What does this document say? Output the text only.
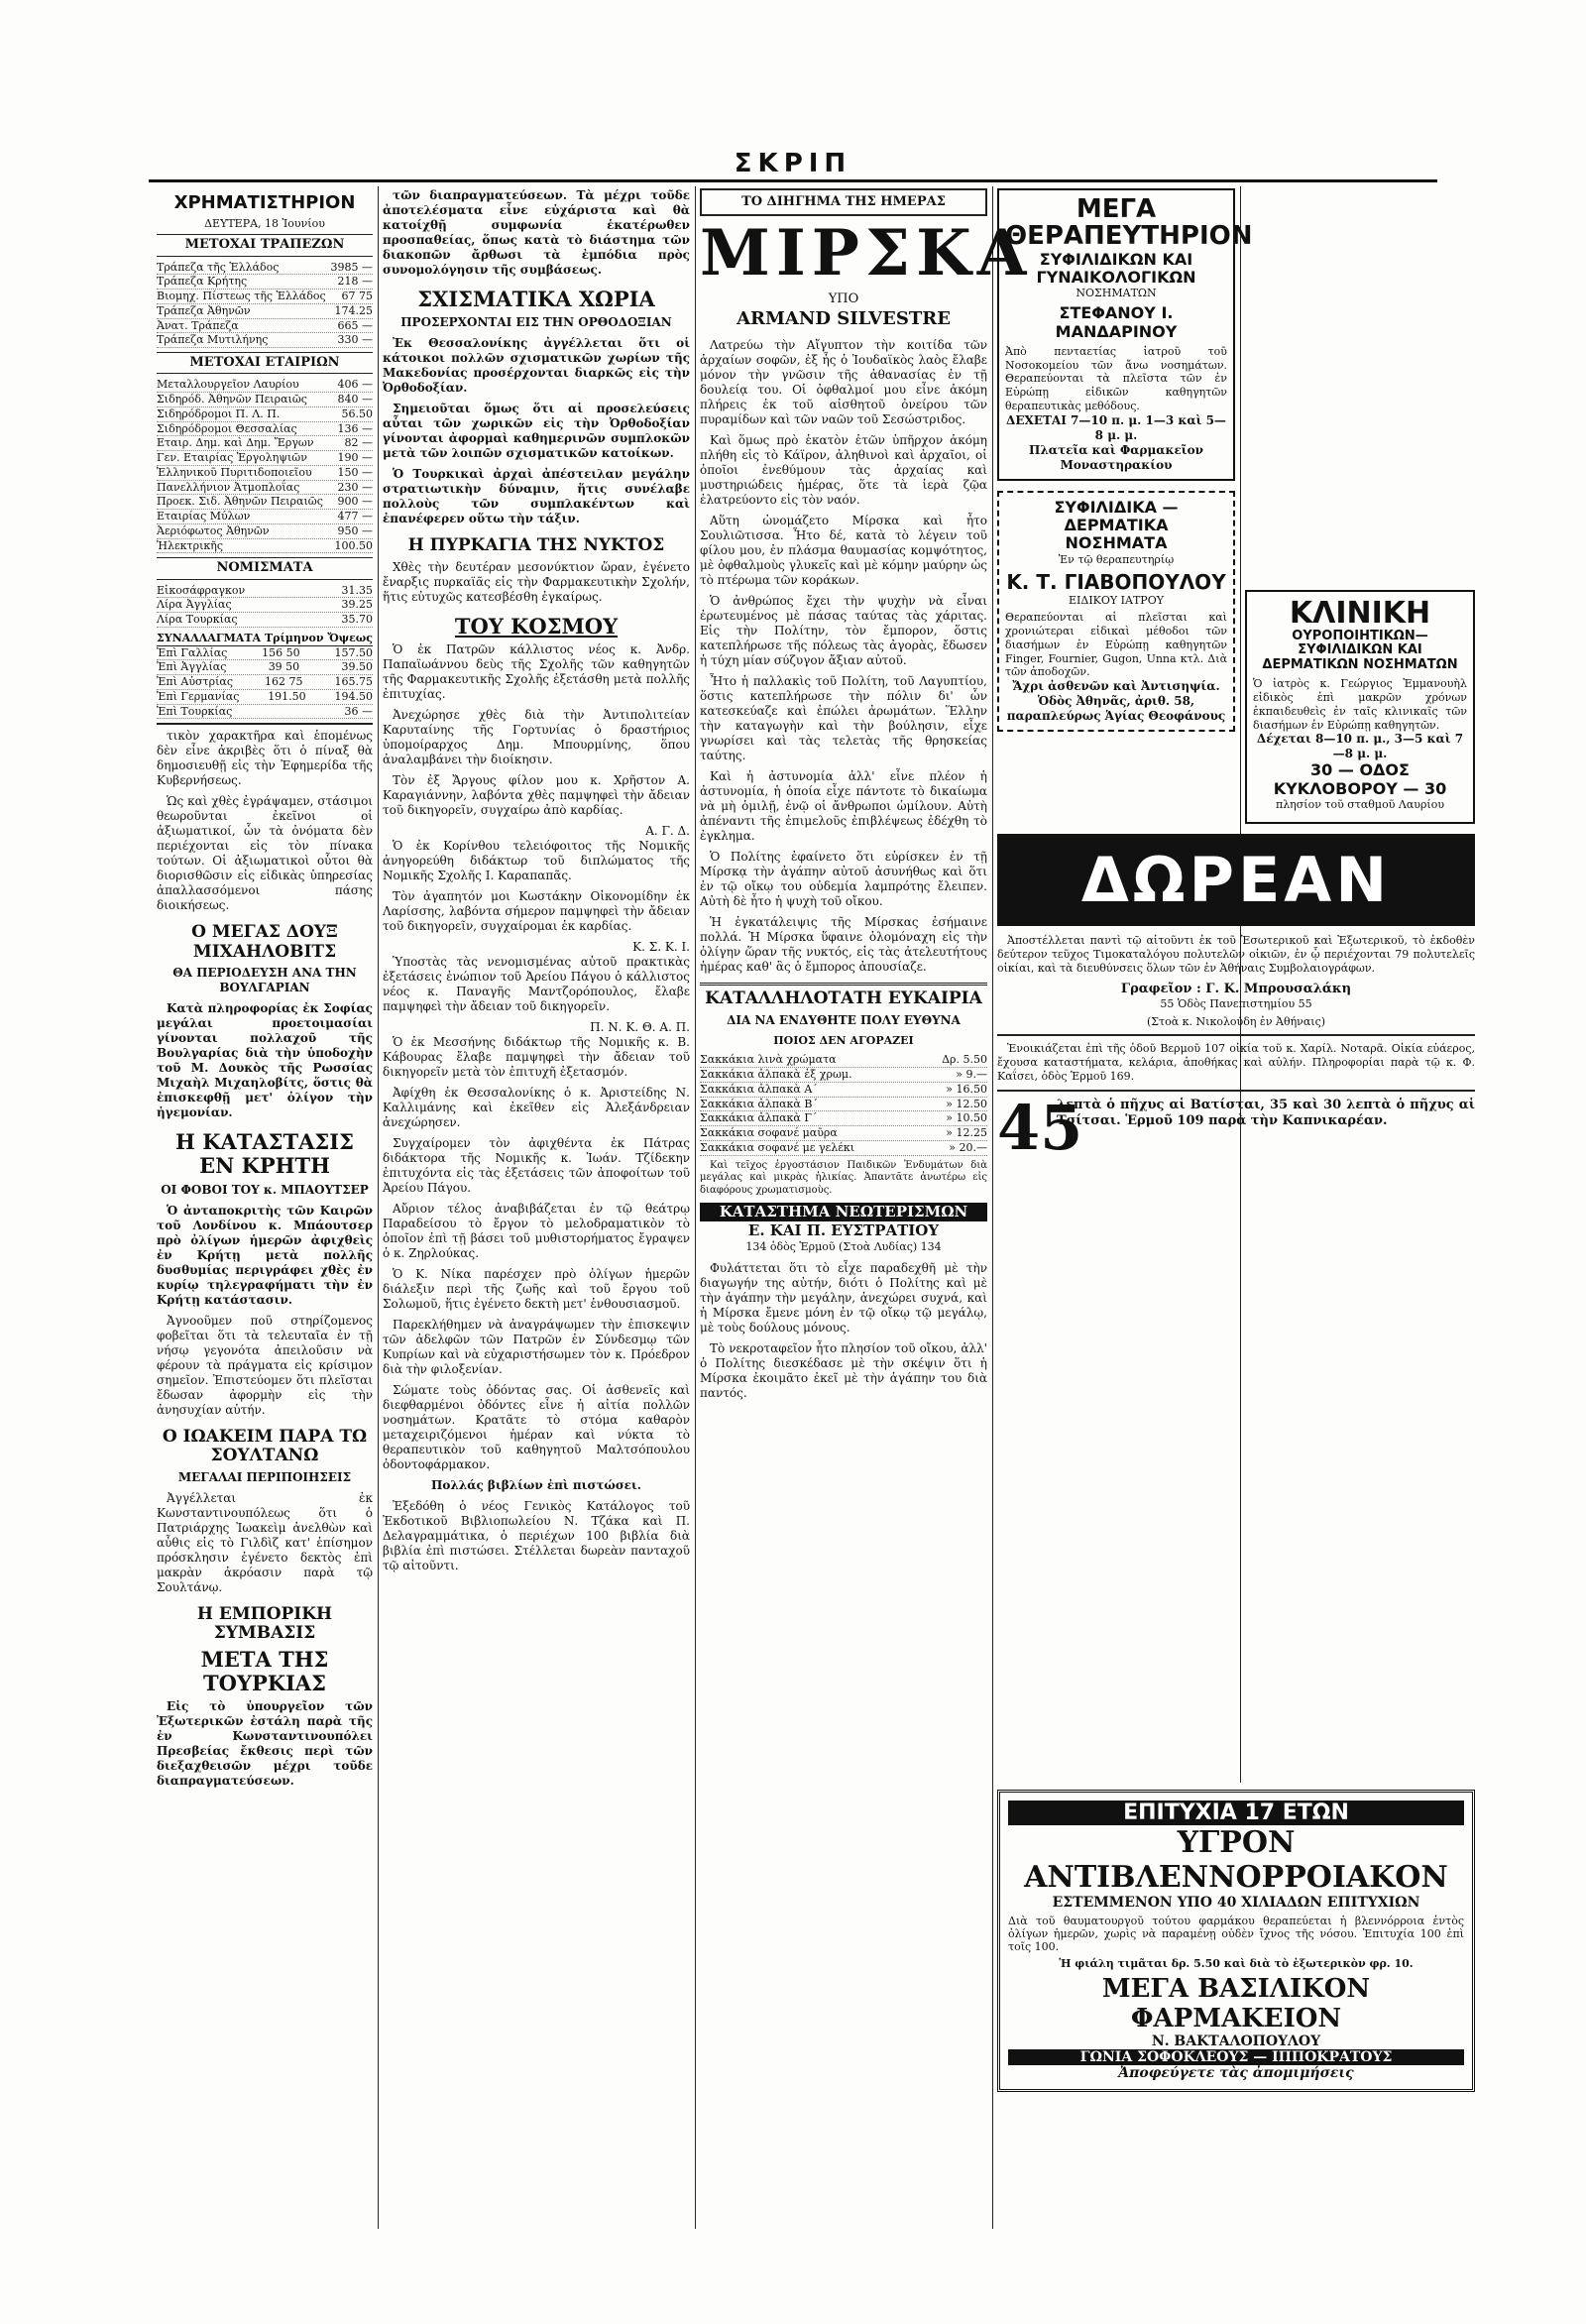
ΣΚΡΙΠ
ΧΡΗΜΑΤΙΣΤΗΡΙΟΝ
ΔΕΥΤΕΡΑ, 18 Ἰουνίου
ΜΕΤΟΧΑΙ ΤΡΑΠΕΖΩΝ
Τράπεζα τῆς Ἑλλάδος	3985 —
Τράπεζα Κρήτης	218 —
Βιομηχ. Πίστεως τῆς Ἑλλάδος 67 75
Τράπεζα Ἀθηνῶν	174.25
Ἀνατ. Τράπεζα	665 —
Τράπεζα Μυτιλήνης	330 —
ΜΕΤΟΧΑΙ ΕΤΑΙΡΙΩΝ
Μεταλλουργεῖον Λαυρίου	406 —
Σιδηρόδ. Ἀθηνῶν Πειραιῶς	840 —
Σιδηρόδρομοι Π. Λ. Π.	56.50
Σιδηρόδρομοι Θεσσαλίας	136 —
Εταιρ. Δημ. καὶ Δημ. Ἔργων	82 —
Γεν. Εταιρίας Ἐργοληψιῶν	190 —
Ἑλληνικοῦ Πυριτιδοποιεῖου 150 —
Πανελλήνιον Ἀτμοπλοΐας	230 —
Προεκ. Σιδ. Ἀθηνῶν Πειραιῶς 900 —
Εταιρίας Μύλων	477 —
Ἀεριόφωτος Ἀθηνῶν	950 —
Ἠλεκτρικῆς	100.50
ΝΟΜΙΣΜΑΤΑ
Εἰκοσάφραγκον	31.35
Λίρα Ἀγγλίας	39.25
Λίρα Τουρκίας	35.70
ΣΥΝΑΛΛΑΓΜΑΤΑ Τρίμηνον Ὄψεως
Ἐπὶ Γαλλίας	156 50	157.50
Ἐπὶ Ἀγγλίας	39 50	39.50
Ἐπὶ Αὐστρίας	162 75	165.75
Ἐπὶ Γερμανίας	191.50	194.50
Ἐπὶ Τουρκίας	36 —

τικὸν χαρακτῆρα καὶ ἑπομένως δὲν εἶνε ἀκριβὲς ὅτι ὁ πίναξ θὰ δημοσιευθῇ εἰς τὴν Ἐφημερίδα τῆς Κυβερνήσεως.

Ὡς καὶ χθὲς ἐγράψαμεν, στάσιμοι θεωροῦνται ἐκεῖνοι οἱ ἀξιωματικοί, ὧν τὰ ὀνόματα δὲν περιέχονται εἰς τὸν πίνακα τούτων. Οἱ ἀξιωματικοὶ οὗτοι θὰ διορισθῶσιν εἰς εἰδικὰς ὑπηρεσίας ἀπαλλασσόμενοι πάσης διοικήσεως.

Ο ΜΕΓΑΣ ΔΟΥΞ ΜΙΧΑΗΛΟΒΙΤΣ
ΘΑ ΠΕΡΙΟΔΕΥΣΗ ΑΝΑ ΤΗΝ ΒΟΥΛΓΑΡΙΑΝ

Κατὰ πληροφορίας ἐκ Σοφίας μεγάλαι προετοιμασίαι γίνονται πολλαχοῦ τῆς Βουλγαρίας διὰ τὴν ὑποδοχὴν τοῦ Μ. Δουκὸς τῆς Ρωσσίας Μιχαὴλ Μιχαηλοβίτς, ὅστις θὰ ἐπισκεφθῇ μετ' ὀλίγον τὴν ἡγεμονίαν.

Η ΚΑΤΑΣΤΑΣΙΣ ΕΝ ΚΡΗΤΗ
ΟΙ ΦΟΒΟΙ ΤΟΥ κ. ΜΠΑΟΥΤΣΕΡ

Ὁ ἀνταποκριτὴς τῶν Καιρῶν τοῦ Λονδίνου κ. Μπάουτσερ πρὸ ὀλίγων ἡμερῶν ἀφιχθεὶς ἐν Κρήτῃ μετὰ πολλῆς δυσθυμίας περιγράφει χθὲς ἐν κυρίῳ τηλεγραφήματι τὴν ἐν Κρήτῃ κατάστασιν.

Ἀγνοοῦμεν ποῦ στηρίζομενος φοβεῖται ὅτι τὰ τελευταῖα ἐν τῇ νήσῳ γεγονότα ἀπειλοῦσιν νὰ φέρουν τὰ πράγματα εἰς κρίσιμον σημεῖον. Ἐπιστεύομεν ὅτι πλεῖσται ἔδωσαν ἀφορμὴν εἰς τὴν ἀνησυχίαν αὐτήν.

Ο ΙΩΑΚΕΙΜ ΠΑΡΑ ΤΩ ΣΟΥΛΤΑΝΩ
ΜΕΓΑΛΑΙ ΠΕΡΙΠΟΙΗΣΕΙΣ

Ἀγγέλλεται ἐκ Κωνσταντινουπόλεως ὅτι ὁ Πατριάρχης Ἰωακεὶμ ἀνελθὼν καὶ αὖθις εἰς τὸ Γιλδὶζ κατ' ἐπίσημον πρόσκλησιν ἐγένετο δεκτὸς ἐπὶ μακρὰν ἀκρόασιν παρὰ τῷ Σουλτάνῳ.

Η ΕΜΠΟΡΙΚΗ ΣΥΜΒΑΣΙΣ
ΜΕΤΑ ΤΗΣ ΤΟΥΡΚΙΑΣ

Εἰς τὸ ὑπουργεῖον τῶν Ἐξωτερικῶν ἐστάλη παρὰ τῆς ἐν Κωνσταντινουπόλει Πρεσβείας ἔκθεσις περὶ τῶν διεξαχθεισῶν μέχρι τοῦδε διαπραγματεύσεων.

τῶν διαπραγματεύσεων. Τὰ μέχρι τοῦδε ἀποτελέσματα εἶνε εὐχάριστα καὶ θὰ κατοίχθῇ συμφωνία ἑκατέρωθεν προσπαθείας, ὅπως κατὰ τὸ διάστημα τῶν διακοπῶν ἄρθωσι τὰ ἐμπόδια πρὸς συνομολόγησιν τῆς συμβάσεως.

ΣΧΙΣΜΑΤΙΚΑ ΧΩΡΙΑ
ΠΡΟΣΕΡΧΟΝΤΑΙ ΕΙΣ ΤΗΝ ΟΡΘΟΔΟΞΙΑΝ

Ἐκ Θεσσαλονίκης ἀγγέλλεται ὅτι οἱ κάτοικοι πολλῶν σχισματικῶν χωρίων τῆς Μακεδονίας προσέρχονται διαρκῶς εἰς τὴν Ὀρθοδοξίαν.

Σημειοῦται ὅμως ὅτι αἱ προσελεύσεις αὗται τῶν χωρικῶν εἰς τὴν Ὀρθοδοξίαν γίνονται ἀφορμαὶ καθημερινῶν συμπλοκῶν μετὰ τῶν λοιπῶν σχισματικῶν κατοίκων.

Ὁ Τουρκικαὶ ἀρχαὶ ἀπέστειλαν μεγάλην στρατιωτικὴν δύναμιν, ἥτις συνέλαβε πολλοὺς τῶν συμπλακέντων καὶ ἐπανέφερεν οὕτω τὴν τάξιν.

Η ΠΥΡΚΑΓΙΑ ΤΗΣ ΝΥΚΤΟΣ

Χθὲς τὴν δευτέραν μεσονύκτιον ὥραν, ἐγένετο ἔναρξις πυρκαϊᾶς εἰς τὴν Φαρμακευτικὴν Σχολήν, ἥτις εὐτυχῶς κατεσβέσθη ἐγκαίρως.

ΤΟΥ ΚΟΣΜΟΥ

Ὁ ἐκ Πατρῶν κάλλιστος νέος κ. Ἀνδρ. Παπαϊωάννου δεὺς τῆς Σχολῆς τῶν καθηγητῶν τῆς Φαρμακευτικῆς Σχολῆς ἐξετάσθη μετὰ πολλῆς ἐπιτυχίας.

Ἀνεχώρησε χθὲς διὰ τὴν Ἀντιπολιτείαν Καρυταίνης τῆς Γορτυνίας ὁ δραστήριος ὑπομοίραρχος Δημ. Μπουρμίνης, ὅπου ἀναλαμβάνει τὴν διοίκησιν.

Τὸν ἐξ Ἄργους φίλον μου κ. Χρῆστον Α. Καραγιάννην, λαβόντα χθὲς παμψηφεὶ τὴν ἄδειαν τοῦ δικηγορεῖν, συγχαίρω ἀπὸ καρδίας.

Α. Γ. Δ.

Ὁ ἐκ Κορίνθου τελειόφοιτος τῆς Νομικῆς ἀνηγορεύθη διδάκτωρ τοῦ διπλώματος τῆς Νομικῆς Σχολῆς Ι. Καραπαπᾶς.

Τὸν ἀγαπητόν μοι Κωστάκην Οἰκονομίδην ἐκ Λαρίσσης, λαβόντα σήμερον παμψηφεὶ τὴν ἄδειαν τοῦ δικηγορεῖν, συγχαίρομαι ἐκ καρδίας.

Κ. Σ. Κ. Ι.

Ὑποστὰς τὰς νενομισμένας αὐτοῦ πρακτικὰς ἐξετάσεις ἐνώπιον τοῦ Ἀρείου Πάγου ὁ κάλλιστος νέος κ. Παναγῆς Μαντζορόπουλος, ἔλαβε παμψηφεὶ τὴν ἄδειαν τοῦ δικηγορεῖν.

Π. Ν. Κ. Θ. Α. Π.

Ὁ ἐκ Μεσσήνης διδάκτωρ τῆς Νομικῆς κ. Β. Κάβουρας ἔλαβε παμψηφεὶ τὴν ἄδειαν τοῦ δικηγορεῖν μετὰ τὸν ἐπιτυχῆ ἐξετασμόν.

Ἀφίχθη ἐκ Θεσσαλονίκης ὁ κ. Ἀριστείδης Ν. Καλλιμάνης καὶ ἐκεῖθεν εἰς Ἀλεξάνδρειαν ἀνεχώρησεν.

Συγχαίρομεν τὸν ἀφιχθέντα ἐκ Πάτρας διδάκτορα τῆς Νομικῆς κ. Ἰωάν. Τζίδεκην ἐπιτυχόντα εἰς τὰς ἐξετάσεις τῶν ἀποφοίτων τοῦ Ἀρείου Πάγου.

Αὔριον τέλος ἀναβιβάζεται ἐν τῷ θεάτρῳ Παραδείσου τὸ ἔργον τὸ μελοδραματικὸν τὸ ὁποῖον ἐπὶ τῇ βάσει τοῦ μυθιστορήματος ἔγραψεν ὁ κ. Ζηρλούκας.

Ὁ Κ. Νίκα παρέσχεν πρὸ ὀλίγων ἡμερῶν διάλεξιν περὶ τῆς ζωῆς καὶ τοῦ ἔργου τοῦ Σολωμοῦ, ἥτις ἐγένετο δεκτὴ μετ' ἐνθουσιασμοῦ.

Παρεκλήθημεν νὰ ἀναγράψωμεν τὴν ἐπισκεψιν τῶν ἀδελφῶν τῶν Πατρῶν ἐν Σύνδεσμῳ τῶν Κυπρίων καὶ νὰ εὐχαριστήσωμεν τὸν κ. Πρόεδρον διὰ τὴν φιλοξενίαν.

Σώματε τοὺς ὀδόντας σας. Οἱ ἀσθενεῖς καὶ διεφθαρμένοι ὀδόντες εἶνε ἡ αἰτία πολλῶν νοσημάτων. Κρατᾶτε τὸ στόμα καθαρὸν μεταχειριζόμενοι ἡμέραν καὶ νύκτα τὸ θεραπευτικὸν τοῦ καθηγητοῦ Μαλτσόπουλου ὀδοντοφάρμακον.

Πολλάς βιβλίων ἐπὶ πιστώσει.

Ἐξεδόθη ὁ νέος Γενικὸς Κατάλογος τοῦ Ἐκδοτικοῦ Βιβλιοπωλείου Ν. Τζάκα καὶ Π. Δελαγραμμάτικα, ὁ περιέχων 100 βιβλία διὰ βιβλία ἐπὶ πιστώσει. Στέλλεται δωρεὰν πανταχοῦ τῷ αἰτοῦντι.

ΤΟ ΔΙΗΓΗΜΑ ΤΗΣ ΗΜΕΡΑΣ
ΜΙΡΣΚΑ
ΥΠΟ
ARMAND SILVESTRE

Λατρεύω τὴν Αἴγυπτον τὴν κοιτίδα τῶν ἀρχαίων σοφῶν, ἐξ ἧς ὁ Ἰουδαϊκὸς λαὸς ἔλαβε μόνον τὴν γνῶσιν τῆς ἀθανασίας ἐν τῇ δουλείᾳ του. Οἱ ὀφθαλμοί μου εἶνε ἀκόμη πλήρεις ἐκ τοῦ αἰσθητοῦ ὀνείρου τῶν πυραμίδων καὶ τῶν ναῶν τοῦ Σεσώστριδος.

Καὶ ὅμως πρὸ ἑκατὸν ἐτῶν ὑπῆρχον ἀκόμη πλήθη εἰς τὸ Κάϊρον, ἀληθινοὶ καὶ ἀρχαῖοι, οἱ ὁποῖοι ἐνεθύμουν τὰς ἀρχαίας καὶ μυστηριώδεις ἡμέρας, ὅτε τὰ ἱερὰ ζῷα ἐλατρεύοντο εἰς τὸν ναόν.

Αὕτη ὠνομάζετο Μίρσκα καὶ ἦτο Σουλιῶτισσα. Ἦτο δέ, κατὰ τὸ λέγειν τοῦ φίλου μου, ἐν πλάσμα θαυμασίας κομψότητος, μὲ ὀφθαλμοὺς γλυκεῖς καὶ μὲ κόμην μαύρην ὡς τὸ πτέρωμα τῶν κοράκων.

Ὁ ἀνθρώπος ἔχει τὴν ψυχὴν νὰ εἶναι ἐρωτευμένος μὲ πάσας ταύτας τὰς χάριτας. Εἰς τὴν Πολίτην, τὸν ἔμπορον, ὅστις κατεπλήρωσε τῆς πόλεως τὰς ἀγορὰς, ἔδωσεν ἡ τύχη μίαν σύζυγον ἄξιαν αὐτοῦ.

Ἦτο ἡ παλλακὶς τοῦ Πολίτη, τοῦ Λαγυπτίου, ὅστις κατεπλήρωσε τὴν πόλιν δι' ὧν κατεσκεύαζε καὶ ἐπώλει ἀρωμάτων. Ἕλλην τὴν καταγωγὴν καὶ τὴν βούλησιν, εἶχε γνωρίσει καὶ τὰς τελετὰς τῆς θρησκείας ταύτης.

Καὶ ἡ ἀστυνομία ἀλλ' εἶνε πλέον ἡ ἀστυνομία, ἡ ὁποία εἶχε πάντοτε τὸ δικαίωμα νὰ μὴ ὁμιλῇ, ἐνῷ οἱ ἄνθρωποι ὡμίλουν. Αὐτὴ ἀπέναντι τῆς ἐπιμελοῦς ἐπιβλέψεως ἐδέχθη τὸ ἐγκλημα.

Ὁ Πολίτης ἐφαίνετο ὅτι εὑρίσκεν ἐν τῇ Μίρσκᾳ τὴν ἀγάπην αὐτοῦ ἀσυνήθως καὶ ὅτι ἐν τῷ οἴκῳ του οὐδεμία λαμπρότης ἔλειπεν. Αὐτὴ δὲ ἦτο ἡ ψυχὴ τοῦ οἴκου.

Ἡ ἐγκατάλειψις τῆς Μίρσκας ἐσήμαινε πολλά. Ἡ Μίρσκα ὕφαινε ὁλομόναχη εἰς τὴν ὀλίγην ὥραν τῆς νυκτός, εἰς τὰς ἀτελευτήτους ἡμέρας καθ' ἃς ὁ ἔμπορος ἀπουσίαζε.

ΚΑΤΑΛΛΗΛΟΤΑΤΗ ΕΥΚΑΙΡΙΑ
ΔΙΑ ΝΑ ΕΝΔΥΘΗΤΕ ΠΟΛΥ ΕΥΘΥΝΑ
ΠΟΙΟΣ ΔΕΝ ΑΓΟΡΑΖΕΙ
Σακκάκια λινὰ χρώματα	Δρ. 5.50
Σακκάκια ἀλπακὰ ἐξ χρωμ.	» 9.—
Σακκάκια ἀλπακὰ Α΄	» 16.50
Σακκάκια ἀλπακὰ Β΄	» 12.50
Σακκάκια ἀλπακὰ Γ΄	» 10.50
Σακκάκια σοφανέ μαῦρα	» 12.25
Σακκάκια σοφανέ με γελέκι	» 20.—

Καὶ τεῖχος ἐργοστάσιον Παιδικῶν Ἐνδυμάτων διὰ μεγάλας καὶ μικρὰς ἡλικίας. Ἀπαντᾶτε ἀνωτέρω εἰς διαφόρους χρωματισμοὺς.

ΚΑΤΑΣΤΗΜΑ ΝΕΩΤΕΡΙΣΜΩΝ
Ε. ΚΑΙ Π. ΕΥΣΤΡΑΤΙΟΥ
134 ὁδὸς Ἑρμοῦ (Στοὰ Λυδίας) 134

Φυλάττεται ὅτι τὸ εἶχε παραδεχθῆ μὲ τὴν διαγωγήν της αὐτήν, διότι ὁ Πολίτης καὶ μὲ τὴν ἀγάπην τὴν μεγάλην, ἀνεχώρει συχνά, καὶ ἡ Μίρσκα ἔμενε μόνη ἐν τῷ οἴκῳ τῷ μεγάλῳ, μὲ τοὺς δούλους μόνους.

Τὸ νεκροταφεῖον ἦτο πλησίον τοῦ οἴκου, ἀλλ' ὁ Πολίτης διεσκέδασε μὲ τὴν σκέψιν ὅτι ἡ Μίρσκα ἐκοιμᾶτο ἐκεῖ μὲ τὴν ἀγάπην του διὰ παντός.

ΜΕΓΑ ΘΕΡΑΠΕΥΤΗΡΙΟΝ
ΣΥΦΙΛΙΔΙΚΩΝ ΚΑΙ ΓΥΝΑΙΚΟΛΟΓΙΚΩΝ
ΝΟΣΗΜΑΤΩΝ
ΣΤΕΦΑΝΟΥ Ι. ΜΑΝΔΑΡΙΝΟΥ
Ἀπὸ πενταετίας ἰατροῦ τοῦ Νοσοκομείου τῶν ἄνω νοσημάτων. Θεραπεύονται τὰ πλεῖστα τῶν ἐν Εὐρώπῃ εἰδικῶν καθηγητῶν θεραπευτικὰς μεθόδους.
ΔΕΧΕΤΑΙ 7—10 π. μ. 1—3 καὶ 5—8 μ. μ.
Πλατεῖα καὶ Φαρμακεῖον Μοναστηρακίου
ΣΥΦΙΛΙΔΙΚΑ — ΔΕΡΜΑΤΙΚΑ
ΝΟΣΗΜΑΤΑ
Ἐν τῷ θεραπευτηρίῳ
Κ. Τ. ΓΙΑΒΟΠΟΥΛΟΥ
ΕΙΔΙΚΟΥ ΙΑΤΡΟΥ
Θεραπεύονται αἱ πλεῖσται καὶ χρονιώτεραι εἰδικαὶ μέθοδοι τῶν διασήμων ἐν Εὐρώπῃ καθηγητῶν Finger, Fournier, Gugon, Unna κτλ. Διὰ τῶν ἀποδοχῶν.
Ἄχρι ἀσθενῶν καὶ Ἀντισηψία.
Ὁδὸς Ἀθηνᾶς, ἀριθ. 58, παραπλεύρως Ἁγίας Θεοφάνους
ΚΛΙΝΙΚΗ
ΟΥΡΟΠΟΙΗΤΙΚΩΝ—ΣΥΦΙΛΙΔΙΚΩΝ ΚΑΙ ΔΕΡΜΑΤΙΚΩΝ ΝΟΣΗΜΑΤΩΝ
Ὁ ἰατρὸς κ. Γεώργιος Ἐμμανουὴλ εἰδικὸς ἐπὶ μακρῶν χρόνων ἐκπαιδευθεὶς ἐν ταῖς κλινικαῖς τῶν διασήμων ἐν Εὐρώπῃ καθηγητῶν.
Δέχεται 8—10 π. μ., 3—5 καὶ 7—8 μ. μ.
30 — ΟΔΟΣ ΚΥΚΛΟΒΟΡΟΥ — 30
πλησίον τοῦ σταθμοῦ Λαυρίου
ΔΩΡΕΑΝ

Ἀποστέλλεται παντὶ τῷ αἰτοῦντι ἐκ τοῦ Ἐσωτερικοῦ καὶ Ἐξωτερικοῦ, τὸ ἐκδοθὲν δεύτερον τεῦχος Τιμοκαταλόγου πολυτελῶν οἰκιῶν, ἐν ᾧ περιέχονται 79 πολυτελεῖς οἰκίαι, καὶ τὰ διευθύνσεις ὅλων τῶν ἐν Ἀθήναις Συμβολαιογράφων.

Γραφεῖον : Γ. Κ. Μπρουσαλάκη
55 Ὁδὸς Πανεπιστημίου 55
(Στοὰ κ. Νικολούδη ἐν Ἀθήναις)

Ἐνοικιάζεται ἐπὶ τῆς ὁδοῦ Βερμοῦ 107 οἰκία τοῦ κ. Χαρίλ. Νοταρᾶ. Οἰκία εὐάερος, ἔχουσα καταστήματα, κελάρια, ἀποθήκας καὶ αὐλήν. Πληροφορίαι παρὰ τῷ κ. Φ. Καΐσει, ὁδὸς Ἑρμοῦ 169.

45
λεπτὰ ὁ πῆχυς αἱ Βατίσται, 35 καὶ 30 λεπτὰ ὁ πῆχυς αἱ Τσίτσαι. Ἑρμοῦ 109 παρὰ τὴν Καπνικαρέαν.
ΕΠΙΤΥΧΙΑ 17 ΕΤΩΝ
ΥΓΡΟΝ ΑΝΤΙΒΛΕΝΝΟΡΡΟΙΑΚΟΝ
ΕΣΤΕΜΜΕΝΟΝ ΥΠΟ 40 ΧΙΛΙΑΔΩΝ ΕΠΙΤΥΧΙΩΝ
Διὰ τοῦ θαυματουργοῦ τούτου φαρμάκου θεραπεύεται ἡ βλεννόρροια ἐντὸς ὀλίγων ἡμερῶν, χωρὶς νὰ παραμένῃ οὐδὲν ἴχνος τῆς νόσου. Ἐπιτυχία 100 ἐπὶ τοῖς 100.
Ἡ φιάλη τιμᾶται δρ. 5.50 καὶ διὰ τὸ ἐξωτερικὸν φρ. 10.
ΜΕΓΑ ΒΑΣΙΛΙΚΟΝ ΦΑΡΜΑΚΕΙΟΝ
Ν. ΒΑΚΤΑΛΟΠΟΥΛΟΥ
ΓΩΝΙΑ ΣΟΦΟΚΛΕΟΥΣ — ΙΠΠΟΚΡΑΤΟΥΣ
Ἀποφεύγετε τὰς ἀπομιμήσεις
